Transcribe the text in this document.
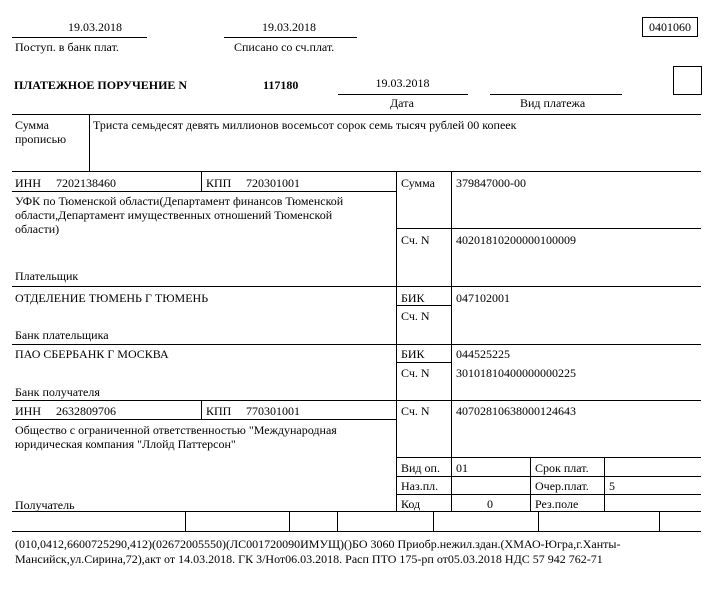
19.03.2018
Поступ. в банк плат.
19.03.2018
Списано со сч.плат.
0401060
ПЛАТЕЖНОЕ ПОРУЧЕНИЕ N	117180	19.03.2018
Дата	Вид платежа
Сумма
прописью
Триста семьдесят девять миллионов восемьсот сорок семь тысяч рублей 00 копеек
ИНН 7202138460	КПП 720301001
УФК по Тюменской области(Департамент финансов Тюменской
области,Департамент имущественных отношений Тюменской
области)
Плательщик
Сумма 379847000-00
Сч. N 40201810200000100009
ОТДЕЛЕНИЕ ТЮМЕНЬ Г ТЮМЕНЬ
Банк плательщика
БИК	047102001
Сч. N
ПАО СБЕРБАНК Г МОСКВА
Банк получателя
БИК	044525225
Сч. N 30101810400000000225
ИНН 2632809706	КПП 770301001	Сч. N 40702810638000124643
Общество с ограниченной ответственностью "Международная
юридическая компания "Ллойд Паттерсон"
Получатель
Вид оп. 01	Срок плат.
Наз.пл.	Очер.плат. 5
Код	0	Рез.поле
(010,0412,6600725290,412)(02672005550)(ЛС001720090ИМУЩ)()БО 3060 Приобр.нежил.здан.(ХМАО-Югра,г.Ханты-
Мансийск,ул.Сирина,72),акт от 14.03.2018. ГК 3/Нот06.03.2018. Расп ПТО 175-рп от05.03.2018 НДС 57 942 762-71
